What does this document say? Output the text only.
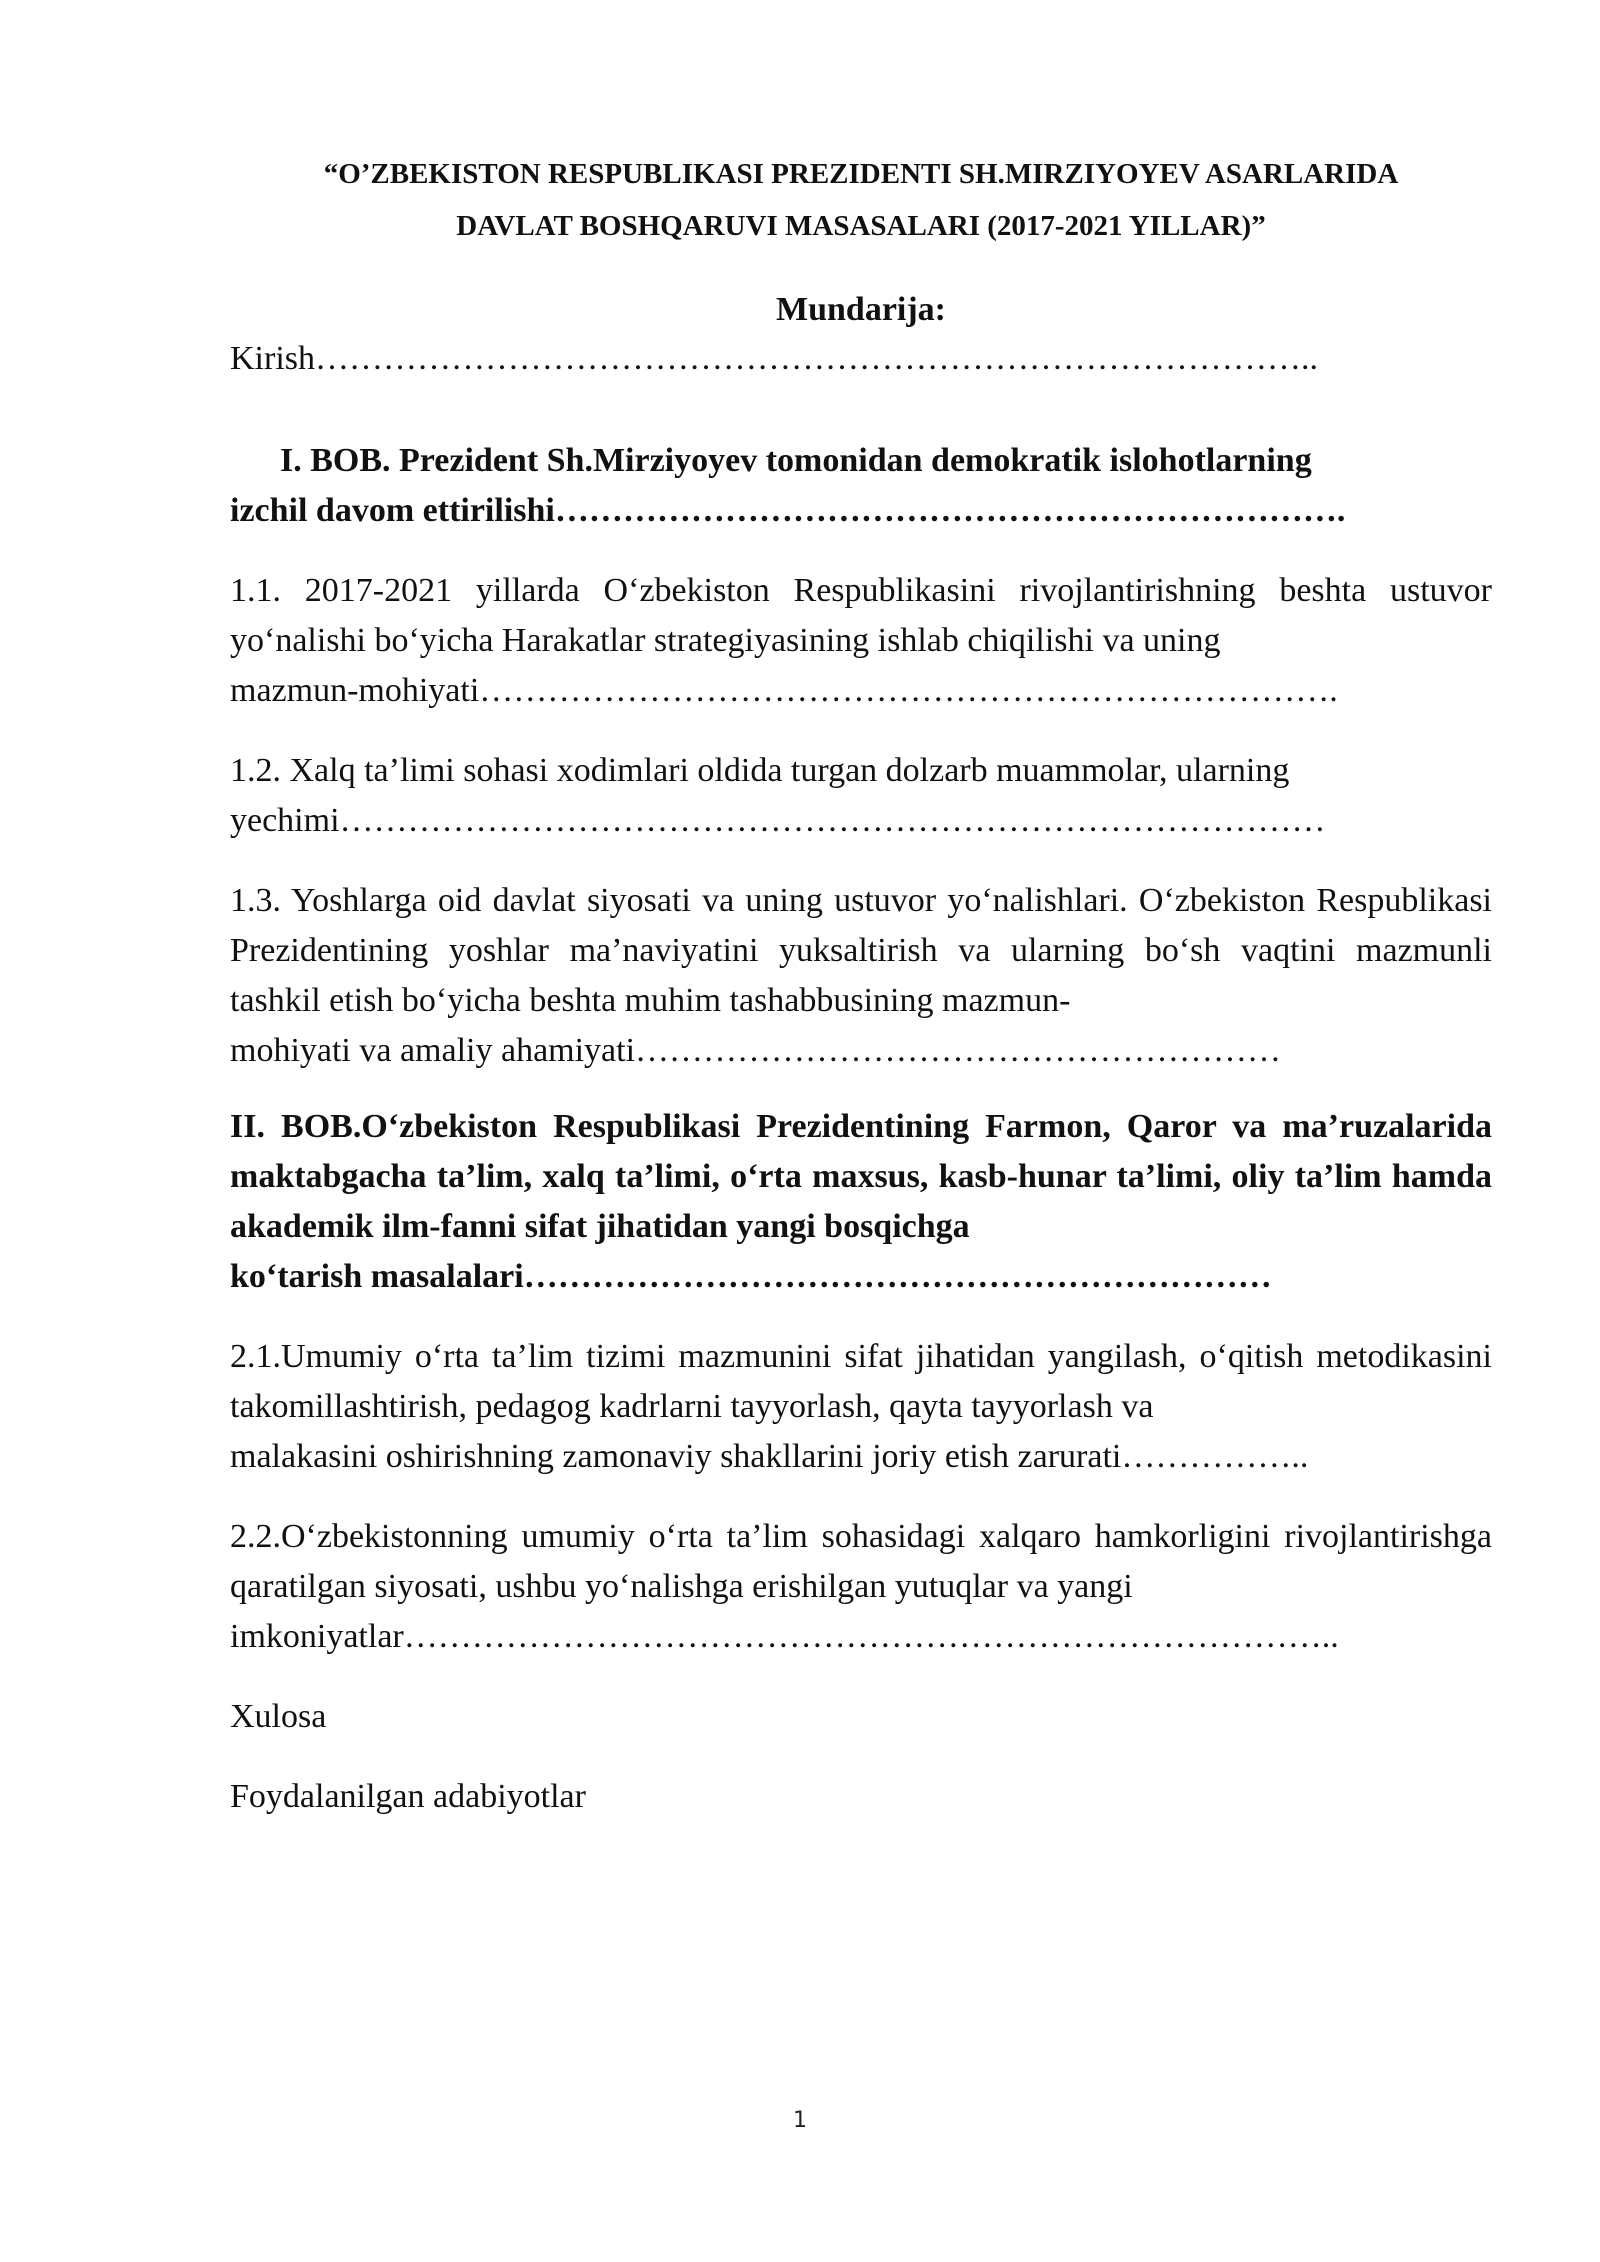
“O’ZBEKISTON RESPUBLIKASI PREZIDENTI SH.MIRZIYOYEV ASARLARIDA
DAVLAT BOSHQARUVI MASASALARI (2017-2021 YILLAR)”

Mundarija:

Kirish……………………………………………………………………………..

I. BOB. Prezident Sh.Mirziyoyev tomonidan demokratik islohotlarning
izchil davom ettirilishi…………………………………………………………….

1.1. 2017-2021 yillarda O‘zbekiston Respublikasini rivojlantirishning beshta ustuvor yo‘nalishi bo‘yicha Harakatlar strategiyasining ishlab chiqilishi va uning
mazmun-mohiyati………………………………………………………………….

1.2. Xalq ta’limi sohasi xodimlari oldida turgan dolzarb muammolar, ularning
yechimi……………………………………………………………………………

1.3. Yoshlarga oid davlat siyosati va uning ustuvor yo‘nalishlari. O‘zbekiston Respublikasi Prezidentining yoshlar ma’naviyatini yuksaltirish va ularning bo‘sh vaqtini mazmunli tashkil etish bo‘yicha beshta muhim tashabbusining mazmun-
mohiyati va amaliy ahamiyati…………………………………………………

II. BOB.O‘zbekiston Respublikasi Prezidentining Farmon, Qaror va ma’ruzalarida maktabgacha ta’lim, xalq ta’limi, o‘rta maxsus, kasb-hunar ta’limi, oliy ta’lim hamda akademik ilm-fanni sifat jihatidan yangi bosqichga
ko‘tarish masalalari…………………………………………………………

2.1.Umumiy o‘rta ta’lim tizimi mazmunini sifat jihatidan yangilash, o‘qitish metodikasini takomillashtirish, pedagog kadrlarni tayyorlash, qayta tayyorlash va
malakasini oshirishning zamonaviy shakllarini joriy etish zarurati……………..

2.2.O‘zbekistonning umumiy o‘rta ta’lim sohasidagi xalqaro hamkorligini rivojlantirishga qaratilgan siyosati, ushbu yo‘nalishga erishilgan yutuqlar va yangi
imkoniyatlar………………………………………………………………………..

Xulosa

Foydalanilgan adabiyotlar

1
